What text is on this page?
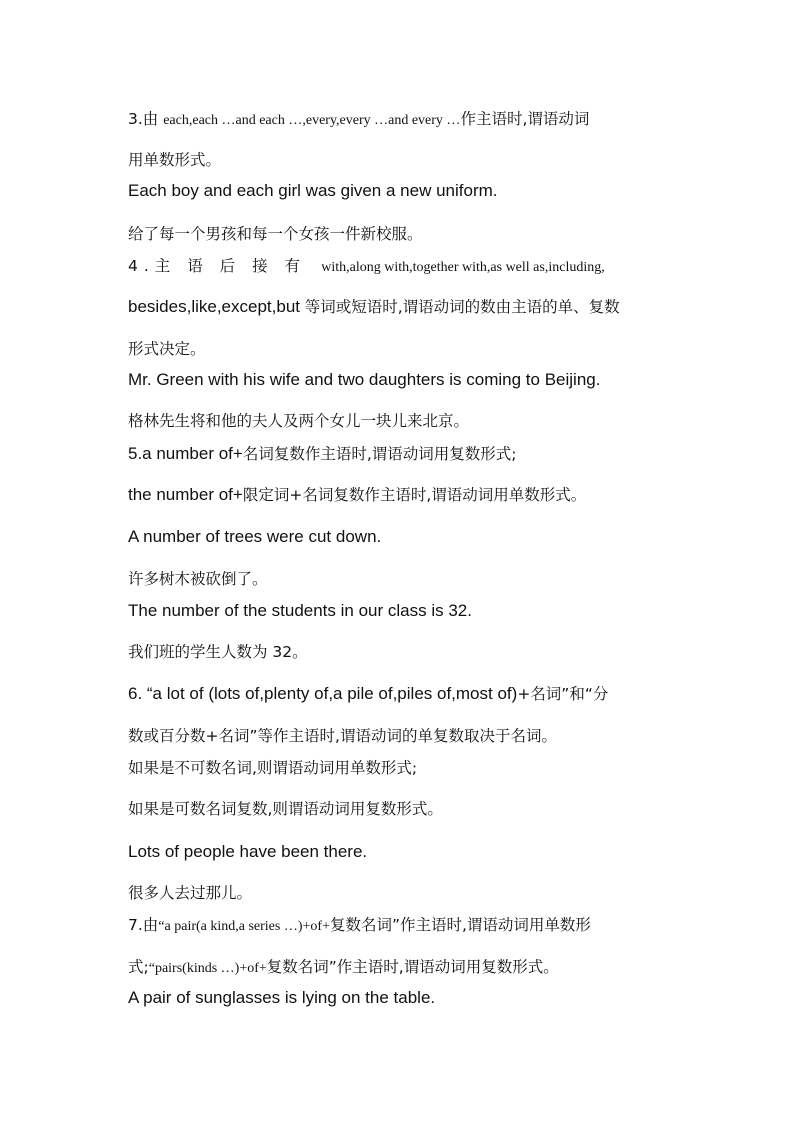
3.由 each,each …and each …,every,every …and every …作主语时,谓语动词
用单数形式。
Each boy and each girl was given a new uniform.
给了每一个男孩和每一个女孩一件新校服。
4.主 语 后 接 有 with,along with,together with,as well as,including,
besides,like,except,but 等词或短语时,谓语动词的数由主语的单、复数
形式决定。
Mr. Green with his wife and two daughters is coming to Beijing.
格林先生将和他的夫人及两个女儿一块儿来北京。
5.a number of+名词复数作主语时,谓语动词用复数形式;
the number of+限定词+名词复数作主语时,谓语动词用单数形式。
A number of trees were cut down.
许多树木被砍倒了。
The number of the students in our class is 32.
我们班的学生人数为 32。
6. “a lot of (lots of,plenty of,a pile of,piles of,most of)+名词”和“分
数或百分数+名词”等作主语时,谓语动词的单复数取决于名词。
如果是不可数名词,则谓语动词用单数形式;
如果是可数名词复数,则谓语动词用复数形式。
Lots of people have been there.
很多人去过那儿。
7.由“a pair(a kind,a series …)+of+复数名词”作主语时,谓语动词用单数形
式;“pairs(kinds …)+of+复数名词”作主语时,谓语动词用复数形式。
A pair of sunglasses is lying on the table.
